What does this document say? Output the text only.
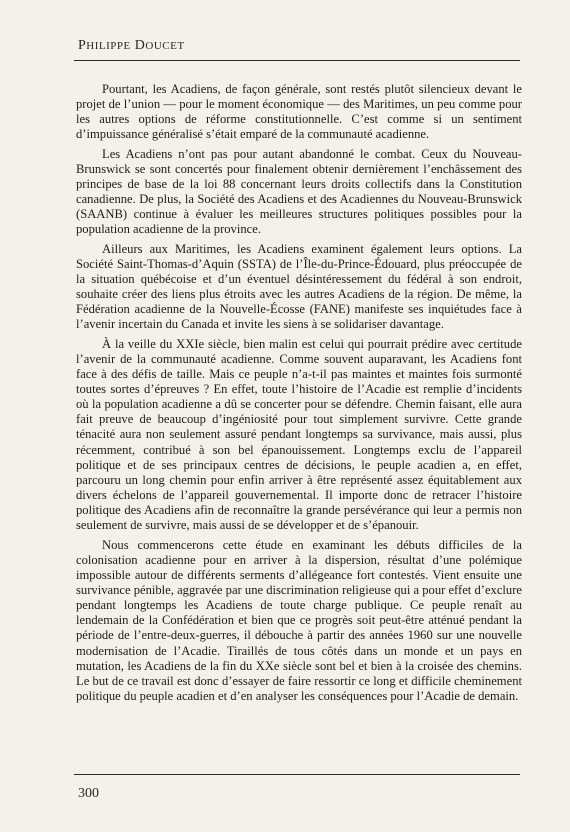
PHILIPPE DOUCET

Pourtant, les Acadiens, de façon générale, sont restés plutôt silencieux devant le projet de l’union — pour le moment économique — des Maritimes, un peu comme pour les autres options de réforme constitutionnelle. C’est comme si un sentiment d’impuissance généralisé s’était emparé de la communauté acadienne.

Les Acadiens n’ont pas pour autant abandonné le combat. Ceux du Nouveau-Brunswick se sont concertés pour finalement obtenir dernièrement l’enchâssement des principes de base de la loi 88 concernant leurs droits collectifs dans la Constitution canadienne. De plus, la Société des Acadiens et des Acadiennes du Nouveau-Brunswick (SAANB) continue à évaluer les meilleures structures politiques possibles pour la population acadienne de la province.

Ailleurs aux Maritimes, les Acadiens examinent également leurs options. La Société Saint-Thomas-d’Aquin (SSTA) de l’Île-du-Prince-Édouard, plus préoccupée de la situation québécoise et d’un éventuel désintéressement du fédéral à son endroit, souhaite créer des liens plus étroits avec les autres Acadiens de la région. De même, la Fédération acadienne de la Nouvelle-Écosse (FANE) manifeste ses inquiétudes face à l’avenir incertain du Canada et invite les siens à se solidariser davantage.

À la veille du XXIe siècle, bien malin est celui qui pourrait prédire avec certitude l’avenir de la communauté acadienne. Comme souvent auparavant, les Acadiens font face à des défis de taille. Mais ce peuple n’a-t-il pas maintes et maintes fois surmonté toutes sortes d’épreuves ? En effet, toute l’histoire de l’Acadie est remplie d’incidents où la population acadienne a dû se concerter pour se défendre. Chemin faisant, elle aura fait preuve de beaucoup d’ingéniosité pour tout simplement survivre. Cette grande ténacité aura non seulement assuré pendant longtemps sa survivance, mais aussi, plus récemment, contribué à son bel épanouissement. Longtemps exclu de l’appareil politique et de ses principaux centres de décisions, le peuple acadien a, en effet, parcouru un long chemin pour enfin arriver à être représenté assez équitablement aux divers échelons de l’appareil gouvernemental. Il importe donc de retracer l’histoire politique des Acadiens afin de reconnaître la grande persévérance qui leur a permis non seulement de survivre, mais aussi de se développer et de s’épanouir.

Nous commencerons cette étude en examinant les débuts difficiles de la colonisation acadienne pour en arriver à la dispersion, résultat d’une polémique impossible autour de différents serments d’allégeance fort contestés. Vient ensuite une survivance pénible, aggravée par une discrimination religieuse qui a pour effet d’exclure pendant longtemps les Acadiens de toute charge publique. Ce peuple renaît au lendemain de la Confédération et bien que ce progrès soit peut-être atténué pendant la période de l’entre-deux-guerres, il débouche à partir des années 1960 sur une nouvelle modernisation de l’Acadie. Tiraillés de tous côtés dans un monde et un pays en mutation, les Acadiens de la fin du XXe siècle sont bel et bien à la croisée des chemins. Le but de ce travail est donc d’essayer de faire ressortir ce long et difficile cheminement politique du peuple acadien et d’en analyser les conséquences pour l’Acadie de demain.

300
